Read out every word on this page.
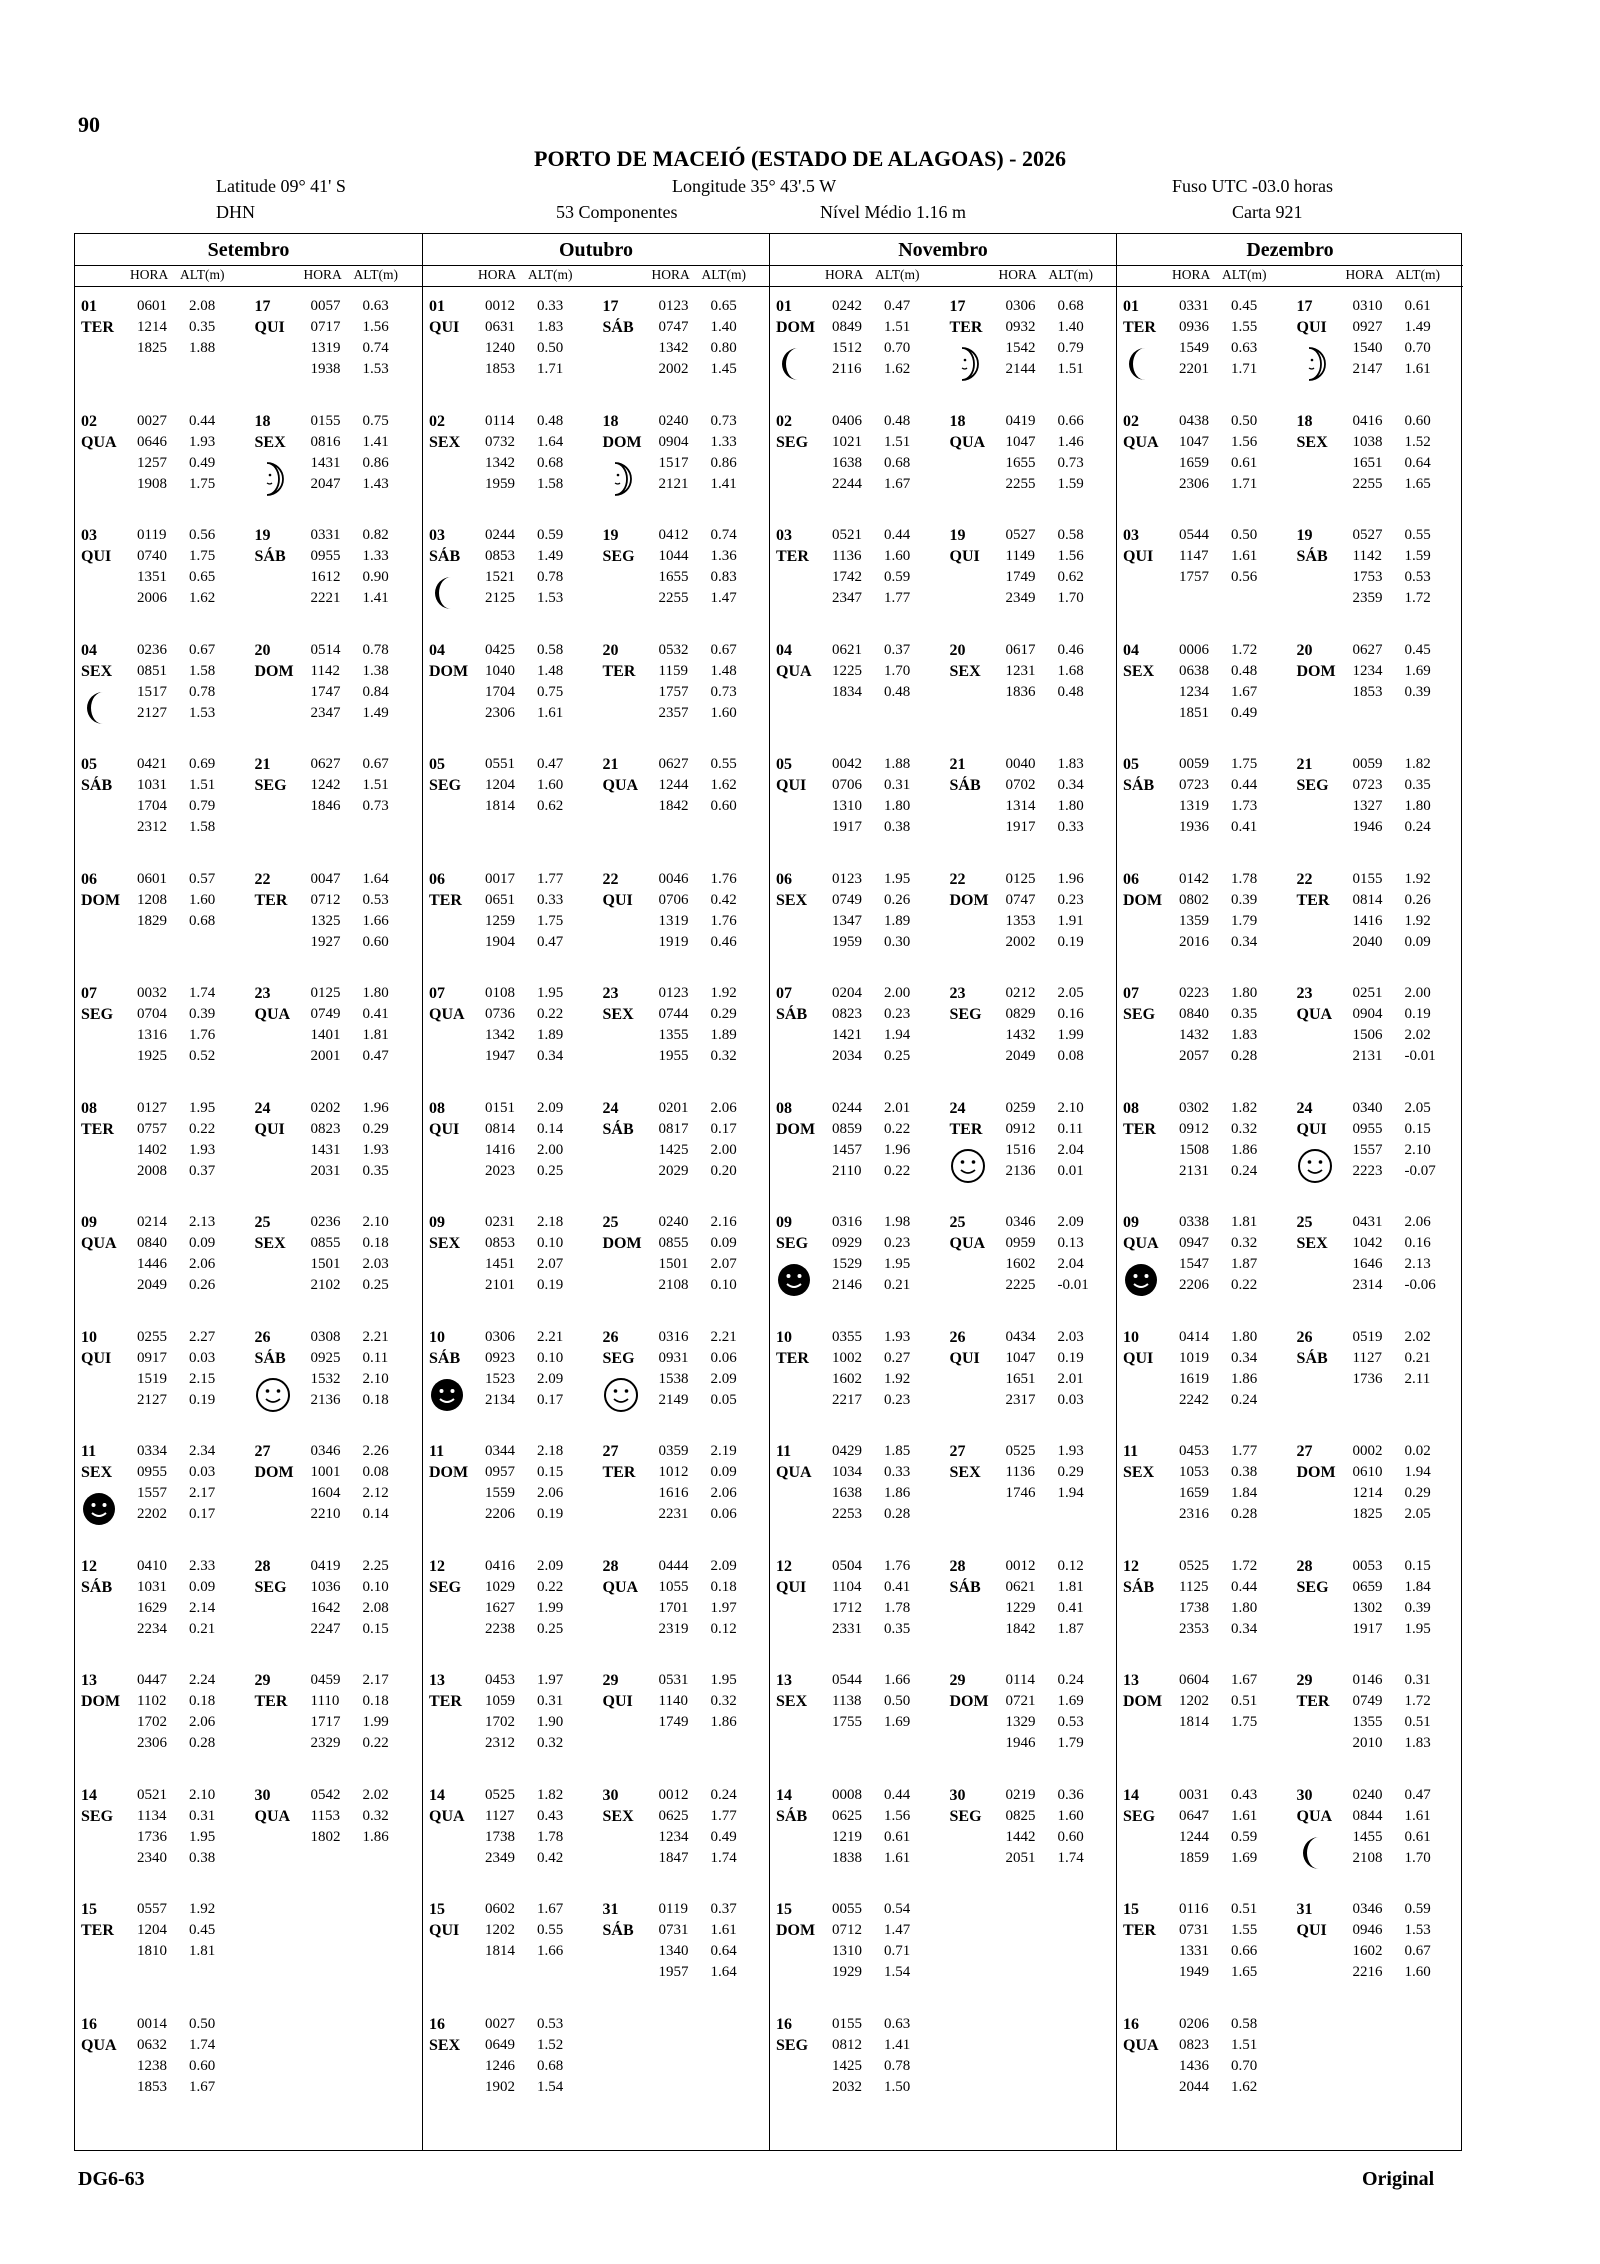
90
PORTO DE MACEIÓ (ESTADO DE ALAGOAS) - 2026
Latitude 09° 41' S	Longitude 35° 43'.5 W	Fuso UTC -03.0 horas
DHN	53 Componentes	Nível Médio 1.16 m	Carta 921
Setembro
HORA ALT(m)	HORA ALT(m)
01
TER
0601 2.08
1214 0.35
1825 1.88
02
QUA
0027 0.44
0646 1.93
1257 0.49
1908 1.75
03
QUI
0119 0.56
0740 1.75
1351 0.65
2006 1.62
04
SEX
0236 0.67
0851 1.58
1517 0.78
2127 1.53
05
SÁB
0421 0.69
1031 1.51
1704 0.79
2312 1.58
06
DOM
0601 0.57
1208 1.60
1829 0.68
07
SEG
0032 1.74
0704 0.39
1316 1.76
1925 0.52
08
TER
0127 1.95
0757 0.22
1402 1.93
2008 0.37
09
QUA
0214 2.13
0840 0.09
1446 2.06
2049 0.26
10
QUI
0255 2.27
0917 0.03
1519 2.15
2127 0.19
11
SEX
0334 2.34
0955 0.03
1557 2.17
2202 0.17
12
SÁB
0410 2.33
1031 0.09
1629 2.14
2234 0.21
13
DOM
0447 2.24
1102 0.18
1702 2.06
2306 0.28
14
SEG
0521 2.10
1134 0.31
1736 1.95
2340 0.38
15
TER
0557 1.92
1204 0.45
1810 1.81
16
QUA
0014 0.50
0632 1.74
1238 0.60
1853 1.67
17
QUI
0057 0.63
0717 1.56
1319 0.74
1938 1.53
18
SEX
0155 0.75
0816 1.41
1431 0.86
2047 1.43
19
SÁB
0331 0.82
0955 1.33
1612 0.90
2221 1.41
20
DOM
0514 0.78
1142 1.38
1747 0.84
2347 1.49
21
SEG
0627 0.67
1242 1.51
1846 0.73
22
TER
0047 1.64
0712 0.53
1325 1.66
1927 0.60
23
QUA
0125 1.80
0749 0.41
1401 1.81
2001 0.47
24
QUI
0202 1.96
0823 0.29
1431 1.93
2031 0.35
25
SEX
0236 2.10
0855 0.18
1501 2.03
2102 0.25
26
SÁB
0308 2.21
0925 0.11
1532 2.10
2136 0.18
27
DOM
0346 2.26
1001 0.08
1604 2.12
2210 0.14
28
SEG
0419 2.25
1036 0.10
1642 2.08
2247 0.15
29
TER
0459 2.17
1110 0.18
1717 1.99
2329 0.22
30
QUA
0542 2.02
1153 0.32
1802 1.86
Outubro
HORA ALT(m)	HORA ALT(m)
01
QUI
0012 0.33
0631 1.83
1240 0.50
1853 1.71
02
SEX
0114 0.48
0732 1.64
1342 0.68
1959 1.58
03
SÁB
0244 0.59
0853 1.49
1521 0.78
2125 1.53
04
DOM
0425 0.58
1040 1.48
1704 0.75
2306 1.61
05
SEG
0551 0.47
1204 1.60
1814 0.62
06
TER
0017 1.77
0651 0.33
1259 1.75
1904 0.47
07
QUA
0108 1.95
0736 0.22
1342 1.89
1947 0.34
08
QUI
0151 2.09
0814 0.14
1416 2.00
2023 0.25
09
SEX
0231 2.18
0853 0.10
1451 2.07
2101 0.19
10
SÁB
0306 2.21
0923 0.10
1523 2.09
2134 0.17
11
DOM
0344 2.18
0957 0.15
1559 2.06
2206 0.19
12
SEG
0416 2.09
1029 0.22
1627 1.99
2238 0.25
13
TER
0453 1.97
1059 0.31
1702 1.90
2312 0.32
14
QUA
0525 1.82
1127 0.43
1738 1.78
2349 0.42
15
QUI
0602 1.67
1202 0.55
1814 1.66
16
SEX
0027 0.53
0649 1.52
1246 0.68
1902 1.54
17
SÁB
0123 0.65
0747 1.40
1342 0.80
2002 1.45
18
DOM
0240 0.73
0904 1.33
1517 0.86
2121 1.41
19
SEG
0412 0.74
1044 1.36
1655 0.83
2255 1.47
20
TER
0532 0.67
1159 1.48
1757 0.73
2357 1.60
21
QUA
0627 0.55
1244 1.62
1842 0.60
22
QUI
0046 1.76
0706 0.42
1319 1.76
1919 0.46
23
SEX
0123 1.92
0744 0.29
1355 1.89
1955 0.32
24
SÁB
0201 2.06
0817 0.17
1425 2.00
2029 0.20
25
DOM
0240 2.16
0855 0.09
1501 2.07
2108 0.10
26
SEG
0316 2.21
0931 0.06
1538 2.09
2149 0.05
27
TER
0359 2.19
1012 0.09
1616 2.06
2231 0.06
28
QUA
0444 2.09
1055 0.18
1701 1.97
2319 0.12
29
QUI
0531 1.95
1140 0.32
1749 1.86
30
SEX
0012 0.24
0625 1.77
1234 0.49
1847 1.74
31
SÁB
0119 0.37
0731 1.61
1340 0.64
1957 1.64
Novembro
HORA ALT(m)	HORA ALT(m)
01
DOM
0242 0.47
0849 1.51
1512 0.70
2116 1.62
02
SEG
0406 0.48
1021 1.51
1638 0.68
2244 1.67
03
TER
0521 0.44
1136 1.60
1742 0.59
2347 1.77
04
QUA
0621 0.37
1225 1.70
1834 0.48
05
QUI
0042 1.88
0706 0.31
1310 1.80
1917 0.38
06
SEX
0123 1.95
0749 0.26
1347 1.89
1959 0.30
07
SÁB
0204 2.00
0823 0.23
1421 1.94
2034 0.25
08
DOM
0244 2.01
0859 0.22
1457 1.96
2110 0.22
09
SEG
0316 1.98
0929 0.23
1529 1.95
2146 0.21
10
TER
0355 1.93
1002 0.27
1602 1.92
2217 0.23
11
QUA
0429 1.85
1034 0.33
1638 1.86
2253 0.28
12
QUI
0504 1.76
1104 0.41
1712 1.78
2331 0.35
13
SEX
0544 1.66
1138 0.50
1755 1.69
14
SÁB
0008 0.44
0625 1.56
1219 0.61
1838 1.61
15
DOM
0055 0.54
0712 1.47
1310 0.71
1929 1.54
16
SEG
0155 0.63
0812 1.41
1425 0.78
2032 1.50
17
TER
0306 0.68
0932 1.40
1542 0.79
2144 1.51
18
QUA
0419 0.66
1047 1.46
1655 0.73
2255 1.59
19
QUI
0527 0.58
1149 1.56
1749 0.62
2349 1.70
20
SEX
0617 0.46
1231 1.68
1836 0.48
21
SÁB
0040 1.83
0702 0.34
1314 1.80
1917 0.33
22
DOM
0125 1.96
0747 0.23
1353 1.91
2002 0.19
23
SEG
0212 2.05
0829 0.16
1432 1.99
2049 0.08
24
TER
0259 2.10
0912 0.11
1516 2.04
2136 0.01
25
QUA
0346 2.09
0959 0.13
1602 2.04
2225 -0.01
26
QUI
0434 2.03
1047 0.19
1651 2.01
2317 0.03
27
SEX
0525 1.93
1136 0.29
1746 1.94
28
SÁB
0012 0.12
0621 1.81
1229 0.41
1842 1.87
29
DOM
0114 0.24
0721 1.69
1329 0.53
1946 1.79
30
SEG
0219 0.36
0825 1.60
1442 0.60
2051 1.74
Dezembro
HORA ALT(m)	HORA ALT(m)
01
TER
0331 0.45
0936 1.55
1549 0.63
2201 1.71
02
QUA
0438 0.50
1047 1.56
1659 0.61
2306 1.71
03
QUI
0544 0.50
1147 1.61
1757 0.56
04
SEX
0006 1.72
0638 0.48
1234 1.67
1851 0.49
05
SÁB
0059 1.75
0723 0.44
1319 1.73
1936 0.41
06
DOM
0142 1.78
0802 0.39
1359 1.79
2016 0.34
07
SEG
0223 1.80
0840 0.35
1432 1.83
2057 0.28
08
TER
0302 1.82
0912 0.32
1508 1.86
2131 0.24
09
QUA
0338 1.81
0947 0.32
1547 1.87
2206 0.22
10
QUI
0414 1.80
1019 0.34
1619 1.86
2242 0.24
11
SEX
0453 1.77
1053 0.38
1659 1.84
2316 0.28
12
SÁB
0525 1.72
1125 0.44
1738 1.80
2353 0.34
13
DOM
0604 1.67
1202 0.51
1814 1.75
14
SEG
0031 0.43
0647 1.61
1244 0.59
1859 1.69
15
TER
0116 0.51
0731 1.55
1331 0.66
1949 1.65
16
QUA
0206 0.58
0823 1.51
1436 0.70
2044 1.62
17
QUI
0310 0.61
0927 1.49
1540 0.70
2147 1.61
18
SEX
0416 0.60
1038 1.52
1651 0.64
2255 1.65
19
SÁB
0527 0.55
1142 1.59
1753 0.53
2359 1.72
20
DOM
0627 0.45
1234 1.69
1853 0.39
21
SEG
0059 1.82
0723 0.35
1327 1.80
1946 0.24
22
TER
0155 1.92
0814 0.26
1416 1.92
2040 0.09
23
QUA
0251 2.00
0904 0.19
1506 2.02
2131 -0.01
24
QUI
0340 2.05
0955 0.15
1557 2.10
2223 -0.07
25
SEX
0431 2.06
1042 0.16
1646 2.13
2314 -0.06
26
SÁB
0519 2.02
1127 0.21
1736 2.11
27
DOM
0002 0.02
0610 1.94
1214 0.29
1825 2.05
28
SEG
0053 0.15
0659 1.84
1302 0.39
1917 1.95
29
TER
0146 0.31
0749 1.72
1355 0.51
2010 1.83
30
QUA
0240 0.47
0844 1.61
1455 0.61
2108 1.70
31
QUI
0346 0.59
0946 1.53
1602 0.67
2216 1.60
DG6-63	Original
